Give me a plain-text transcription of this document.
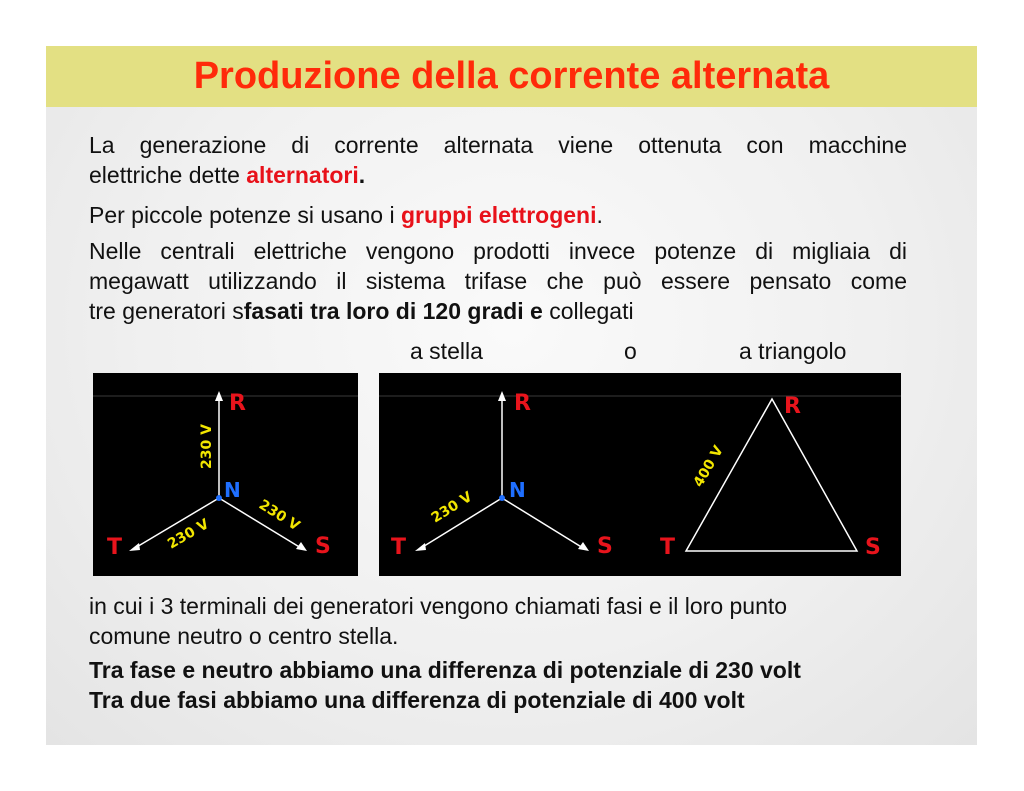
Produzione della corrente alternata
La generazione di corrente alternata viene ottenuta con macchine
elettriche dette alternatori.
Per piccole potenze si usano i gruppi elettrogeni.
Nelle centrali elettriche vengono prodotti invece potenze di migliaia di
megawatt utilizzando il sistema trifase che può essere pensato come
tre generatori sfasati tra loro di 120 gradi e collegati
a stella	o	a triangolo
R
S
T
N
230 V
230 V
230 V
R
S
T
N
230 V
R
S
T
400 V
in cui i 3 terminali dei generatori vengono chiamati fasi e il loro punto
comune neutro o centro stella.
Tra fase e neutro abbiamo una differenza di potenziale di 230 volt
Tra due fasi abbiamo una differenza di potenziale di 400 volt
